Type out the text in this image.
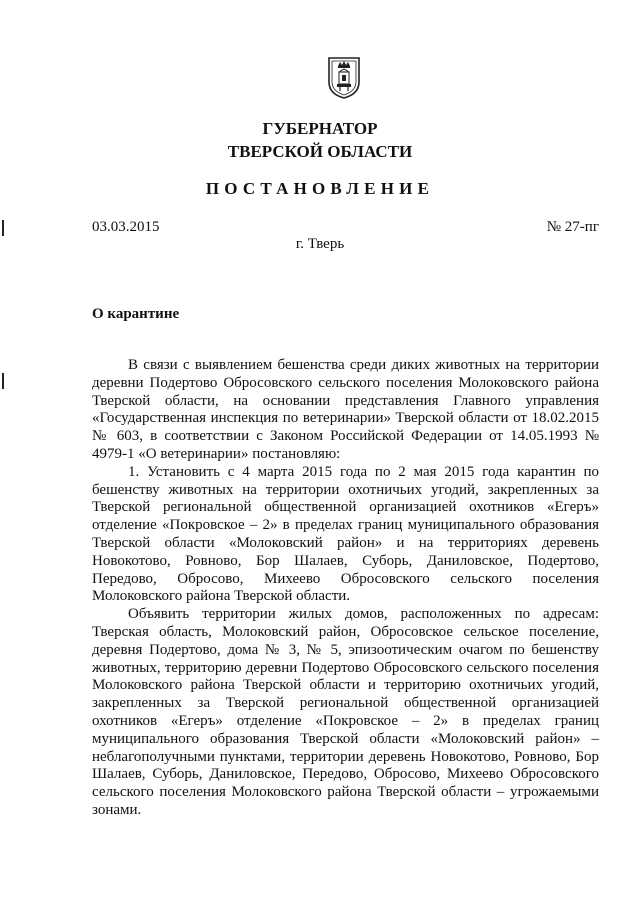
ГУБЕРНАТОР
ТВЕРСКОЙ ОБЛАСТИ
ПОСТАНОВЛЕНИЕ
03.03.2015	№ 27-пг
г. Тверь
О карантине

В связи с выявлением бешенства среди диких животных на территории деревни Подертово Обросовского сельского поселения Молоковского района Тверской области, на основании представления Главного управления «Государственная инспекция по ветеринарии» Тверской области от 18.02.2015 № 603, в соответствии с Законом Российской Федерации от 14.05.1993 № 4979-1 «О ветеринарии» постановляю:

1. Установить с 4 марта 2015 года по 2 мая 2015 года карантин по бешенству животных на территории охотничьих угодий, закрепленных за Тверской региональной общественной организацией охотников «Егеръ» отделение «Покровское – 2» в пределах границ муниципального образования Тверской области «Молоковский район» и на территориях деревень Новокотово, Ровново, Бор Шалаев, Суборь, Даниловское, Подертово, Передово, Обросово, Михеево Обросовского сельского поселения Молоковского района Тверской области.

Объявить территории жилых домов, расположенных по адресам: Тверская область, Молоковский район, Обросовское сельское поселение, деревня Подертово, дома № 3, № 5, эпизоотическим очагом по бешенству животных, территорию деревни Подертово Обросовского сельского поселения Молоковского района Тверской области и территорию охотничьих угодий, закрепленных за Тверской региональной общественной организацией охотников «Егеръ» отделение «Покровское – 2» в пределах границ муниципального образования Тверской области «Молоковский район» – неблагополучными пунктами, территории деревень Новокотово, Ровново, Бор Шалаев, Суборь, Даниловское, Передово, Обросово, Михеево Обросовского сельского поселения Молоковского района Тверской области – угрожаемыми зонами.
